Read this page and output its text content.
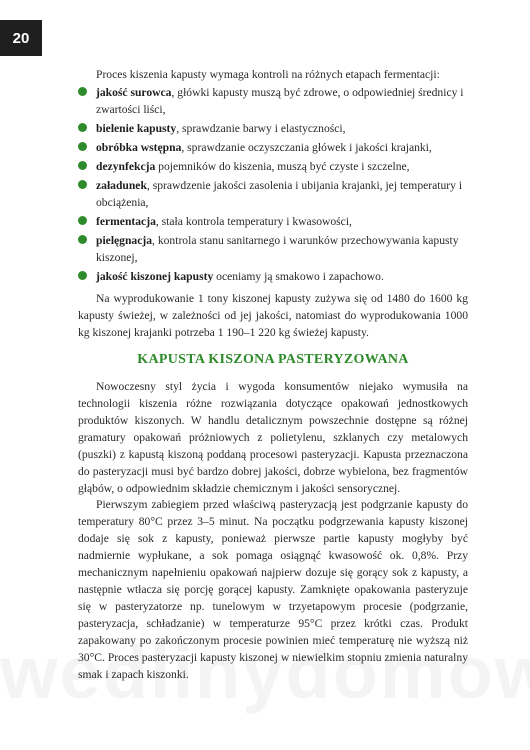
20

Proces kiszenia kapusty wymaga kontroli na różnych etapach fermentacji:

jakość surowca, główki kapusty muszą być zdrowe, o odpowiedniej średnicy i zwartości liści,
bielenie kapusty, sprawdzanie barwy i elastyczności,
obróbka wstępna, sprawdzanie oczyszczania główek i jakości krajanki,
dezynfekcja pojemników do kiszenia, muszą być czyste i szczelne,
załadunek, sprawdzenie jakości zasolenia i ubijania krajanki, jej temperatury i obciążenia,
fermentacja, stała kontrola temperatury i kwasowości,
pielęgnacja, kontrola stanu sanitarnego i warunków przechowywania kapusty kiszonej,
jakość kiszonej kapusty oceniamy ją smakowo i zapachowo.

Na wyprodukowanie 1 tony kiszonej kapusty zużywa się od 1480 do 1600 kg kapusty świeżej, w zależności od jej jakości, natomiast do wyprodukowania 1000 kg kiszonej krajanki potrzeba 1 190–1 220 kg świeżej kapusty.

KAPUSTA KISZONA PASTERYZOWANA

Nowoczesny styl życia i wygoda konsumentów niejako wymusiła na technologii kiszenia różne rozwiązania dotyczące opakowań jednostkowych produktów kiszonych. W handlu detalicznym powszechnie dostępne są różnej gramatury opakowań próżniowych z polietylenu, szklanych czy metalowych (puszki) z kapustą kiszoną poddaną procesowi pasteryzacji. Kapusta przeznaczona do pasteryzacji musi być bardzo dobrej jakości, dobrze wybielona, bez fragmentów głąbów, o odpowiednim składzie chemicznym i jakości sensorycznej.

Pierwszym zabiegiem przed właściwą pasteryzacją jest podgrzanie kapusty do temperatury 80°C przez 3–5 minut. Na początku podgrzewania kapusty kiszonej dodaje się sok z kapusty, ponieważ pierwsze partie kapusty mogłyby być nadmiernie wypłukane, a sok pomaga osiągnąć kwasowość ok. 0,8%. Przy mechanicznym napełnieniu opakowań najpierw dozuje się gorący sok z kapusty, a następnie wtłacza się porcję gorącej kapusty. Zamknięte opakowania pasteryzuje się w pasteryzatorze np. tunelowym w trzyetapowym procesie (podgrzanie, pasteryzacja, schładzanie) w temperaturze 95°C przez krótki czas. Produkt zapakowany po zakończonym procesie powinien mieć temperaturę nie wyższą niż 30°C. Proces pasteryzacji kapusty kiszonej w niewielkim stopniu zmienia naturalny smak i zapach kiszonki.
